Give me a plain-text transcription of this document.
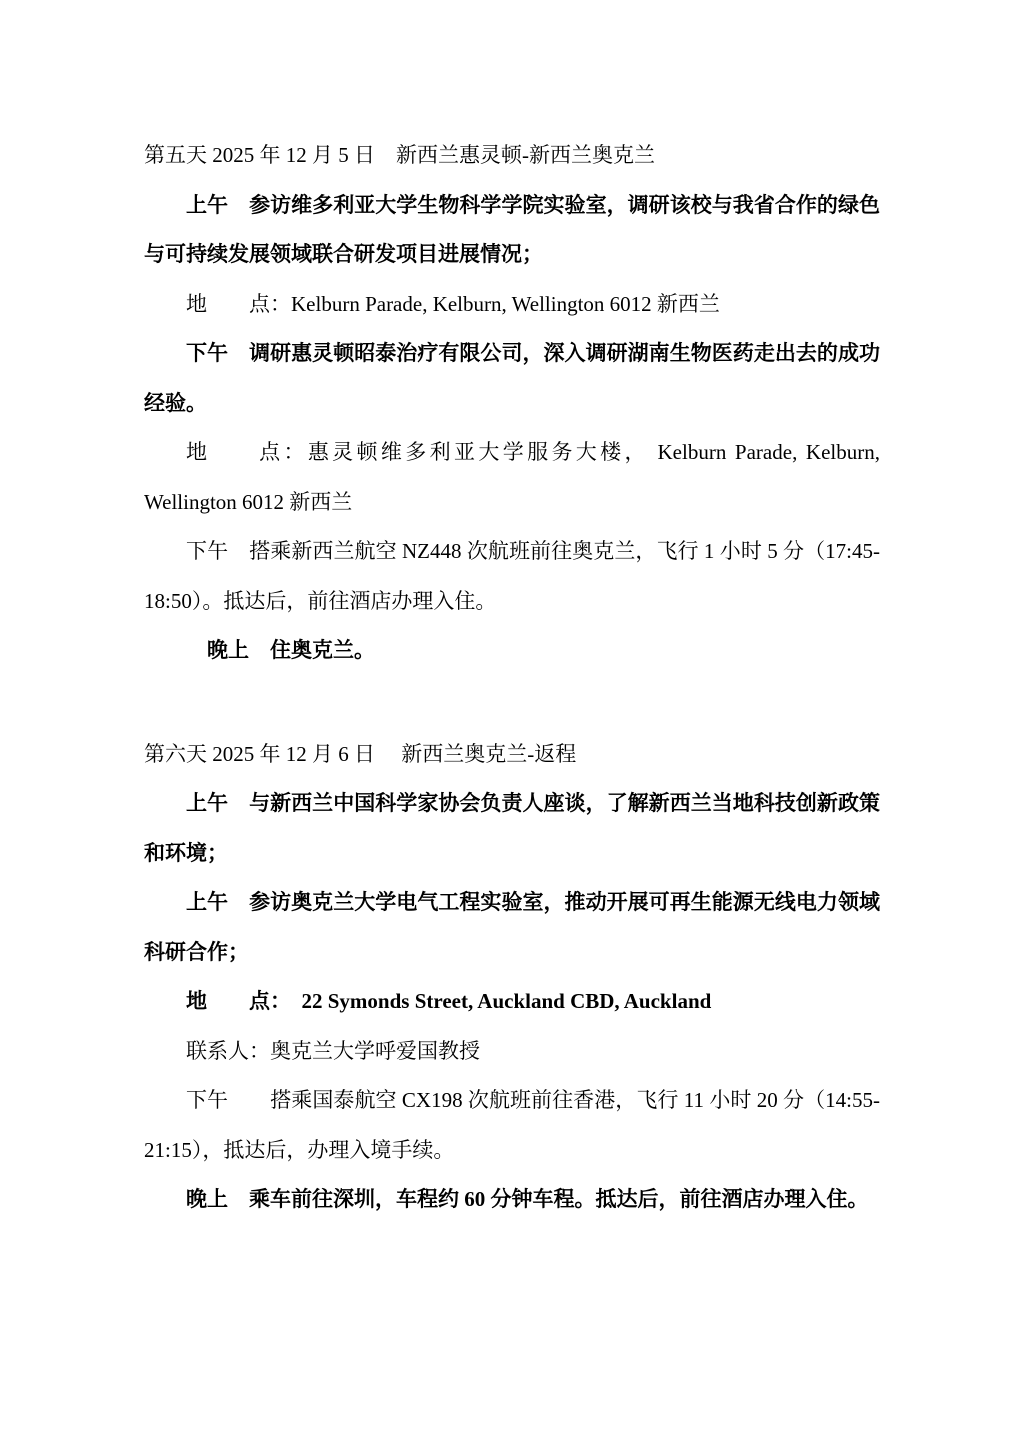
第五天 2025 年 12 月 5 日　新西兰惠灵顿-新西兰奥克兰

上午　参访维多利亚大学生物科学学院实验室，调研该校与我省合作的绿色与可持续发展领域联合研发项目进展情况；

地　　点：Kelburn Parade, Kelburn, Wellington 6012 新西兰

下午　调研惠灵顿昭泰治疗有限公司，深入调研湖南生物医药走出去的成功经验。

地　　点：惠灵顿维多利亚大学服务大楼， Kelburn Parade, Kelburn, Wellington 6012 新西兰

下午　搭乘新西兰航空 NZ448 次航班前往奥克兰，飞行 1 小时 5 分（17:45-18:50）。抵达后，前往酒店办理入住。

晚上　住奥克兰。

第六天 2025 年 12 月 6 日　 新西兰奥克兰-返程

上午　与新西兰中国科学家协会负责人座谈，了解新西兰当地科技创新政策和环境；

上午　参访奥克兰大学电气工程实验室，推动开展可再生能源无线电力领域科研合作；

地　　点：　22 Symonds Street, Auckland CBD, Auckland

联系人：奥克兰大学呼爱国教授

下午　　搭乘国泰航空 CX198 次航班前往香港，飞行 11 小时 20 分（14:55-21:15），抵达后，办理入境手续。

晚上　乘车前往深圳，车程约 60 分钟车程。抵达后，前往酒店办理入住。
